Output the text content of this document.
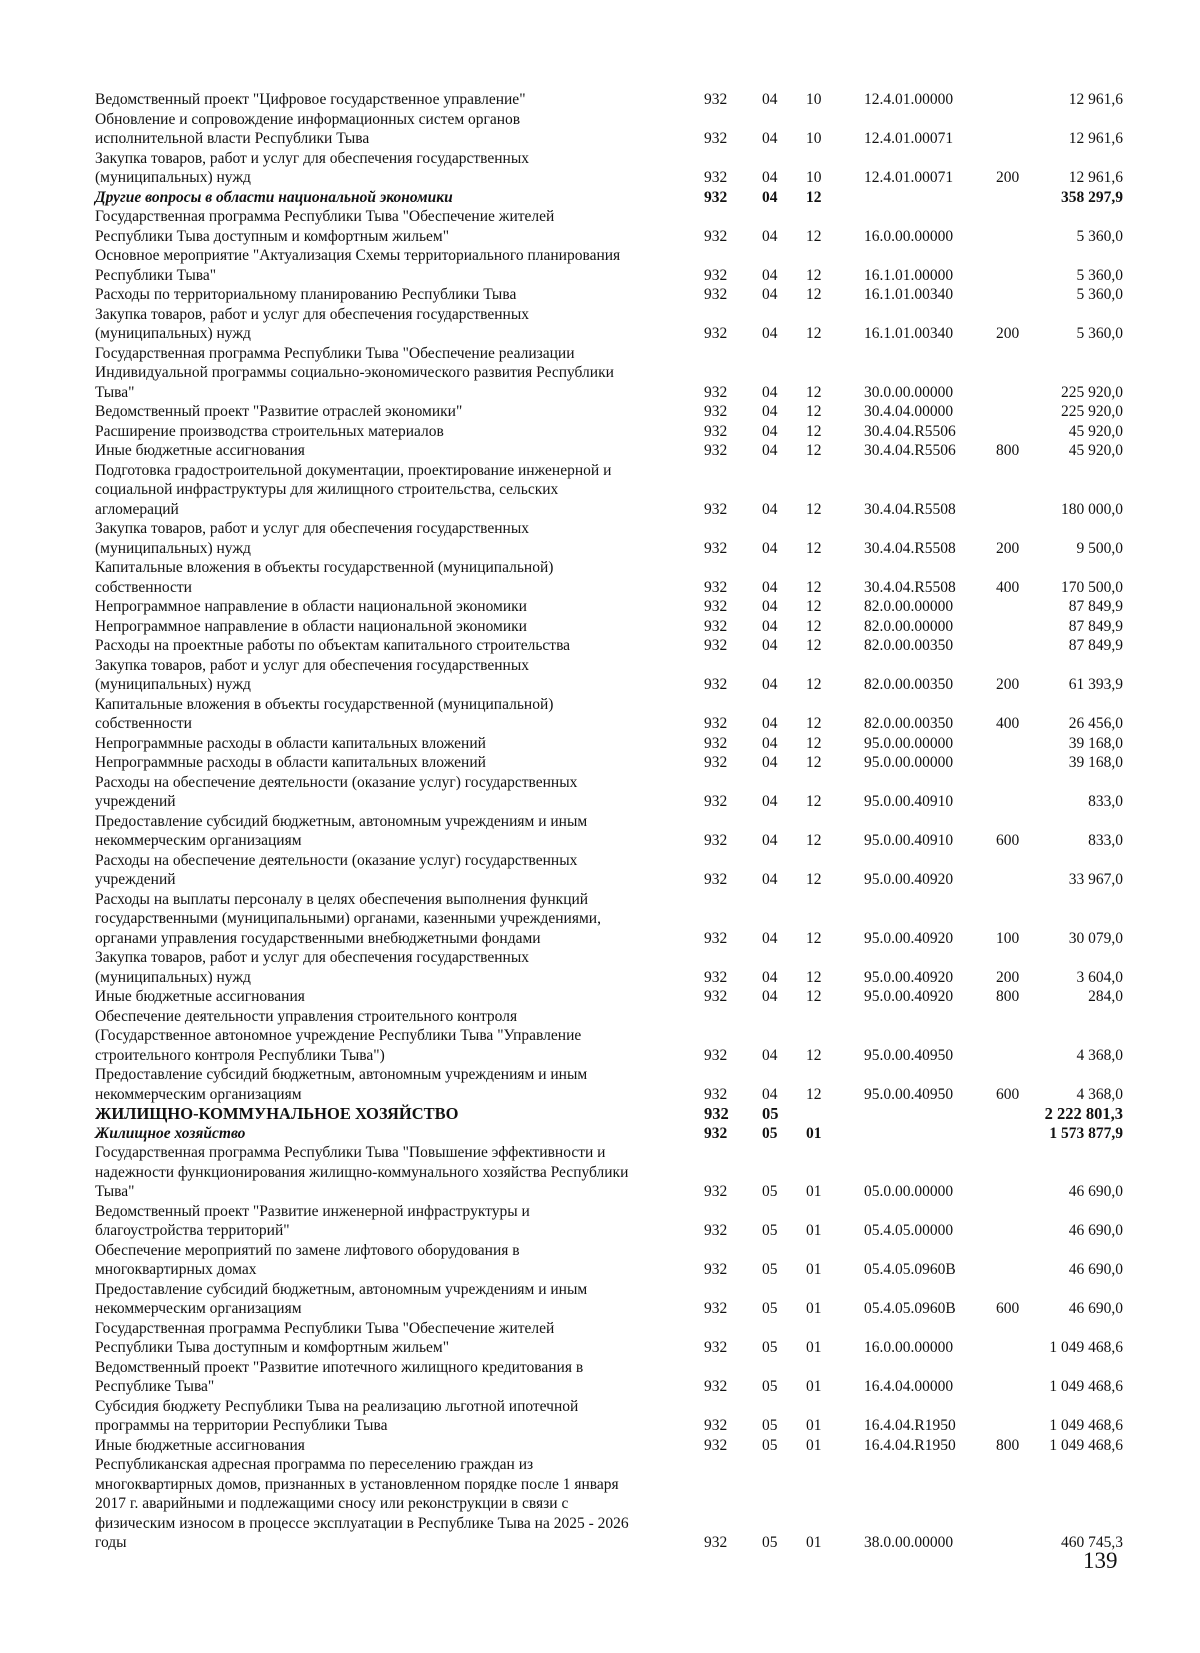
Ведомственный проект "Цифровое государственное управление"	932 04 10	12.4.01.00000	12 961,6
Обновление и сопровождение информационных систем органов
исполнительной власти Республики Тыва	932 04 10	12.4.01.00071	12 961,6
Закупка товаров, работ и услуг для обеспечения государственных
(муниципальных) нужд	932 04 10	12.4.01.00071	200	12 961,6
Другие вопросы в области национальной экономики	932 04 12	358 297,9
Государственная программа Республики Тыва "Обеспечение жителей
Республики Тыва доступным и комфортным жильем"	932 04 12	16.0.00.00000	5 360,0
Основное мероприятие "Актуализация Схемы территориального планирования
Республики Тыва"	932 04 12	16.1.01.00000	5 360,0
Расходы по территориальному планированию Республики Тыва	932 04 12	16.1.01.00340	5 360,0
Закупка товаров, работ и услуг для обеспечения государственных
(муниципальных) нужд	932 04 12	16.1.01.00340	200	5 360,0
Государственная программа Республики Тыва "Обеспечение реализации
Индивидуальной программы социально-экономического развития Республики
Тыва"	932 04 12	30.0.00.00000	225 920,0
Ведомственный проект "Развитие отраслей экономики"	932 04 12	30.4.04.00000	225 920,0
Расширение производства строительных материалов	932 04 12	30.4.04.R5506	45 920,0
Иные бюджетные ассигнования	932 04 12	30.4.04.R5506	800	45 920,0
Подготовка градостроительной документации, проектирование инженерной и
социальной инфраструктуры для жилищного строительства, сельских
агломераций	932 04 12	30.4.04.R5508	180 000,0
Закупка товаров, работ и услуг для обеспечения государственных
(муниципальных) нужд	932 04 12	30.4.04.R5508	200	9 500,0
Капитальные вложения в объекты государственной (муниципальной)
собственности	932 04 12	30.4.04.R5508	400	170 500,0
Непрограммное направление в области национальной экономики	932 04 12	82.0.00.00000	87 849,9
Непрограммное направление в области национальной экономики	932 04 12	82.0.00.00000	87 849,9
Расходы на проектные работы по объектам капитального строительства	932 04 12	82.0.00.00350	87 849,9
Закупка товаров, работ и услуг для обеспечения государственных
(муниципальных) нужд	932 04 12	82.0.00.00350	200	61 393,9
Капитальные вложения в объекты государственной (муниципальной)
собственности	932 04 12	82.0.00.00350	400	26 456,0
Непрограммные расходы в области капитальных вложений	932 04 12	95.0.00.00000	39 168,0
Непрограммные расходы в области капитальных вложений	932 04 12	95.0.00.00000	39 168,0
Расходы на обеспечение деятельности (оказание услуг) государственных
учреждений	932 04 12	95.0.00.40910	833,0
Предоставление субсидий бюджетным, автономным учреждениям и иным
некоммерческим организациям	932 04 12	95.0.00.40910	600	833,0
Расходы на обеспечение деятельности (оказание услуг) государственных
учреждений	932 04 12	95.0.00.40920	33 967,0
Расходы на выплаты персоналу в целях обеспечения выполнения функций
государственными (муниципальными) органами, казенными учреждениями,
органами управления государственными внебюджетными фондами	932 04 12	95.0.00.40920	100	30 079,0
Закупка товаров, работ и услуг для обеспечения государственных
(муниципальных) нужд	932 04 12	95.0.00.40920	200	3 604,0
Иные бюджетные ассигнования	932 04 12	95.0.00.40920	800	284,0
Обеспечение деятельности управления строительного контроля
(Государственное автономное учреждение Республики Тыва "Управление
строительного контроля Республики Тыва")	932 04 12	95.0.00.40950	4 368,0
Предоставление субсидий бюджетным, автономным учреждениям и иным
некоммерческим организациям	932 04 12	95.0.00.40950	600	4 368,0
ЖИЛИЩНО-КОММУНАЛЬНОЕ ХОЗЯЙСТВО	932 05	2 222 801,3
Жилищное хозяйство	932 05 01	1 573 877,9
Государственная программа Республики Тыва "Повышение эффективности и
надежности функционирования жилищно-коммунального хозяйства Республики
Тыва"	932 05 01	05.0.00.00000	46 690,0
Ведомственный проект "Развитие инженерной инфраструктуры и
благоустройства территорий"	932 05 01	05.4.05.00000	46 690,0
Обеспечение мероприятий по замене лифтового оборудования в
многоквартирных домах	932 05 01	05.4.05.0960B	46 690,0
Предоставление субсидий бюджетным, автономным учреждениям и иным
некоммерческим организациям	932 05 01	05.4.05.0960B	600	46 690,0
Государственная программа Республики Тыва "Обеспечение жителей
Республики Тыва доступным и комфортным жильем"	932 05 01	16.0.00.00000	1 049 468,6
Ведомственный проект "Развитие ипотечного жилищного кредитования в
Республике Тыва"	932 05 01	16.4.04.00000	1 049 468,6
Субсидия бюджету Республики Тыва на реализацию льготной ипотечной
программы на территории Республики Тыва	932 05 01	16.4.04.R1950	1 049 468,6
Иные бюджетные ассигнования	932 05 01	16.4.04.R1950	800	1 049 468,6
Республиканская адресная программа по переселению граждан из
многоквартирных домов, признанных в установленном порядке после 1 января
2017 г. аварийными и подлежащими сносу или реконструкции в связи с
физическим износом в процессе эксплуатации в Республике Тыва на 2025 - 2026
годы	932 05 01	38.0.00.00000	460 745,3
139
